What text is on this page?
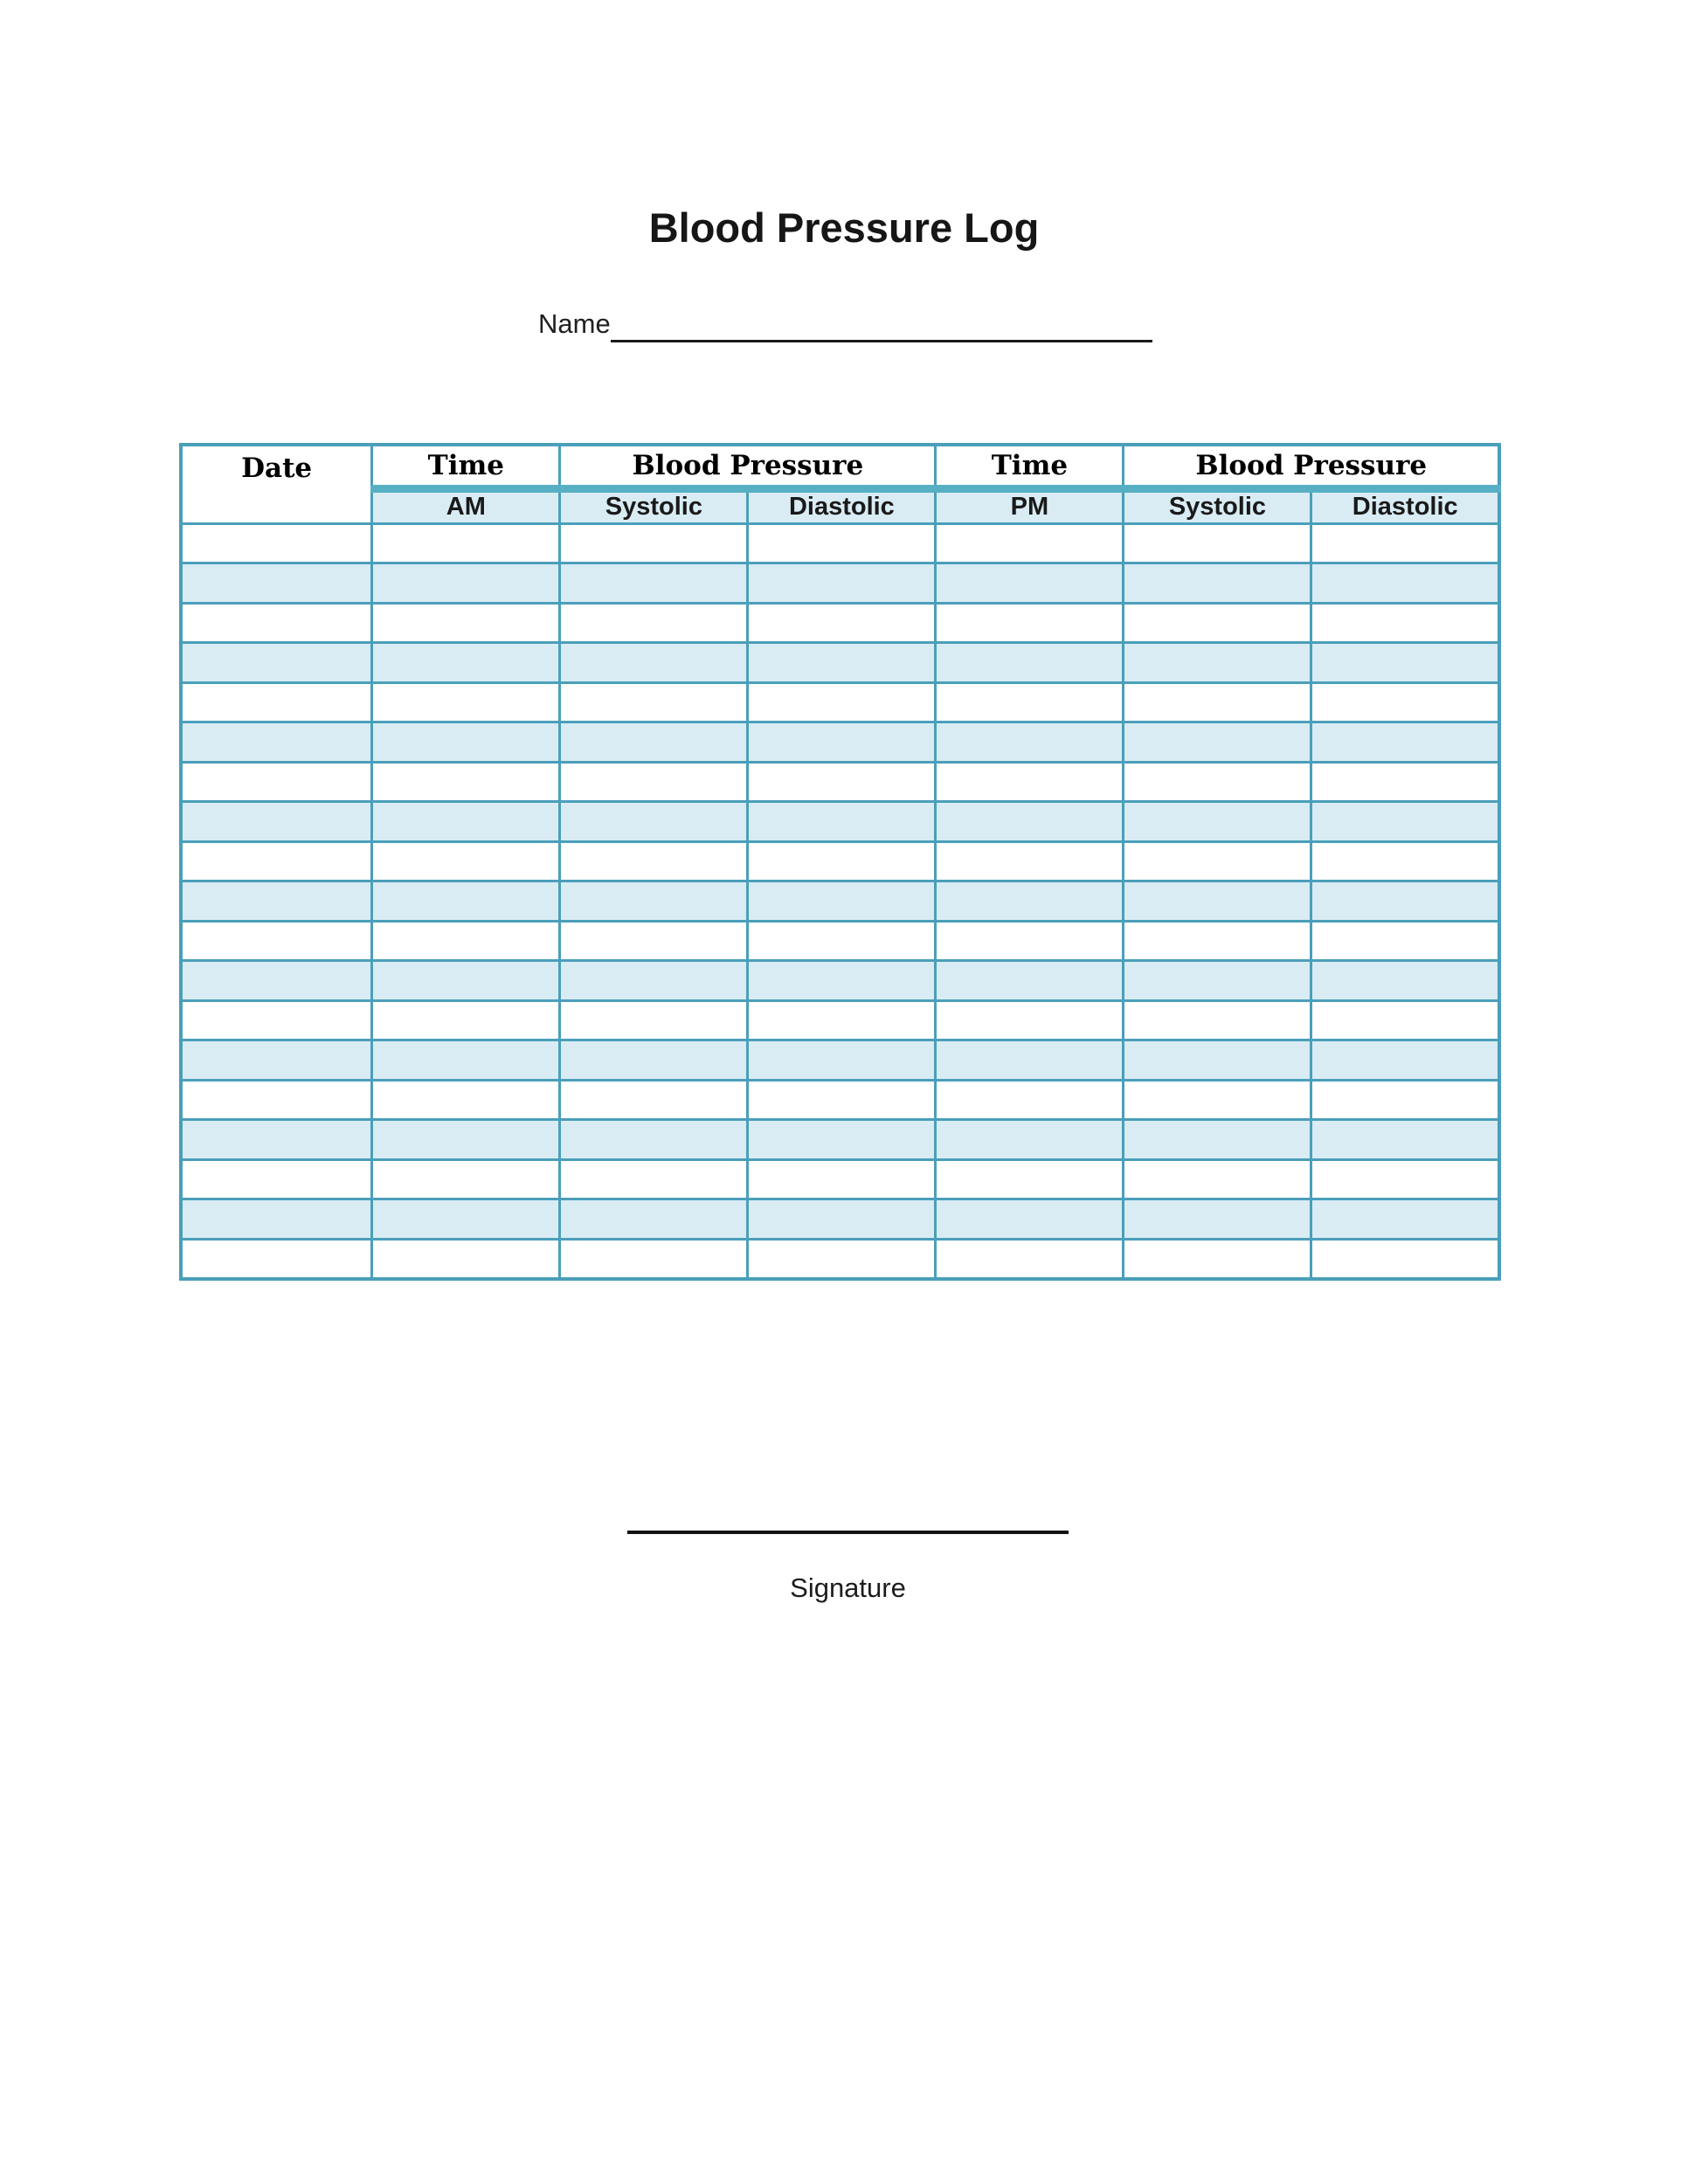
Blood Pressure Log
Name
Date	Time	Blood Pressure		Time	Blood Pressure	
	AM	Systolic	Diastolic	PM	Systolic	Diastolic

Signature
